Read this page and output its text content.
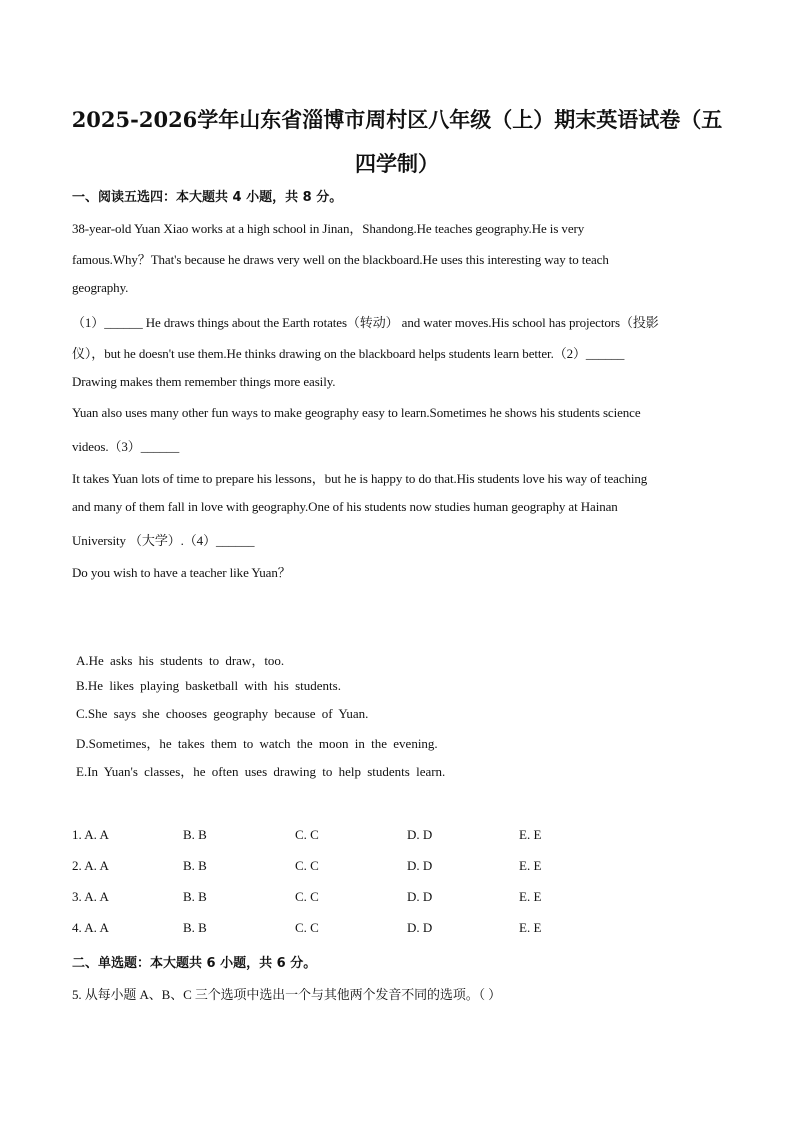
2025-2026学年山东省淄博市周村区八年级（上）期末英语试卷（五
四学制）
一、阅读五选四：本大题共 4 小题，共 8 分。
38-year-old Yuan Xiao works at a high school in Jinan，Shandong.He teaches geography.He is very
famous.Why？That's because he draws very well on the blackboard.He uses this interesting way to teach
geography.
（1）______ He draws things about the Earth rotates（转动） and water moves.His school has projectors（投影
仪），but he doesn't use them.He thinks drawing on the blackboard helps students learn better.（2）______
Drawing makes them remember things more easily.
Yuan also uses many other fun ways to make geography easy to learn.Sometimes he shows his students science
videos.（3）______
It takes Yuan lots of time to prepare his lessons，but he is happy to do that.His students love his way of teaching
and many of them fall in love with geography.One of his students now studies human geography at Hainan
University （大学）.（4）______
Do you wish to have a teacher like Yuan？
A.He asks his students to draw，too.
B.He likes playing basketball with his students.
C.She says she chooses geography because of Yuan.
D.Sometimes，he takes them to watch the moon in the evening.
E.In Yuan's classes，he often uses drawing to help students learn.
1. A. A	B. B	C. C	D. D	E. E
2. A. A	B. B	C. C	D. D	E. E
3. A. A	B. B	C. C	D. D	E. E
4. A. A	B. B	C. C	D. D	E. E
二、单选题：本大题共 6 小题，共 6 分。
5. 从每小题 A、B、C 三个选项中选出一个与其他两个发音不同的选项。（ ）
